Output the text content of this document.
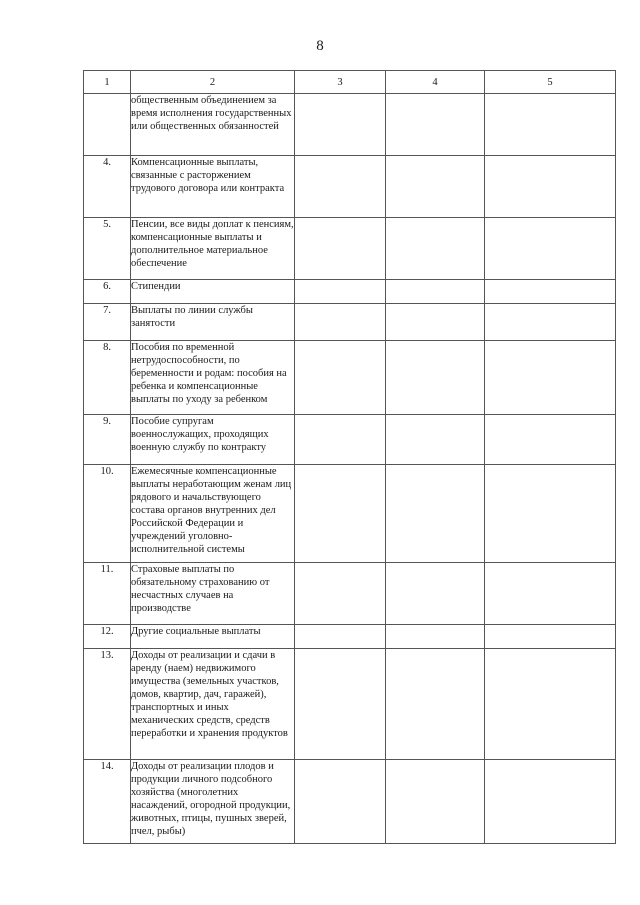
8
1	2	3	4	5
	общественным объединением за время исполнения государственных или общественных обязанностей			
4.	Компенсационные выплаты, связанные с расторжением трудового договора или контракта			
5.	Пенсии, все виды доплат к пенсиям, компенсационные выплаты и дополнительное материальное обеспечение			
6.	Стипендии			
7.	Выплаты по линии службы занятости			
8.	Пособия по временной нетрудоспособности, по беременности и родам: пособия на ребенка и компенсационные выплаты по уходу за ребенком			
9.	Пособие супругам военнослужащих, проходящих военную службу по контракту			
10.	Ежемесячные компенсационные выплаты неработающим женам лиц рядового и начальствующего состава органов внутренних дел Российской Федерации и учреждений уголовно-исполнительной системы			
11.	Страховые выплаты по обязательному страхованию от несчастных случаев на производстве			
12.	Другие социальные выплаты			
13.	Доходы от реализации и сдачи в аренду (наем) недвижимого имущества (земельных участков, домов, квартир, дач, гаражей), транспортных и иных механических средств, средств переработки и хранения продуктов			
14.	Доходы от реализации плодов и продукции личного подсобного хозяйства (многолетних насаждений, огородной продукции, животных, птицы, пушных зверей, пчел, рыбы)			
